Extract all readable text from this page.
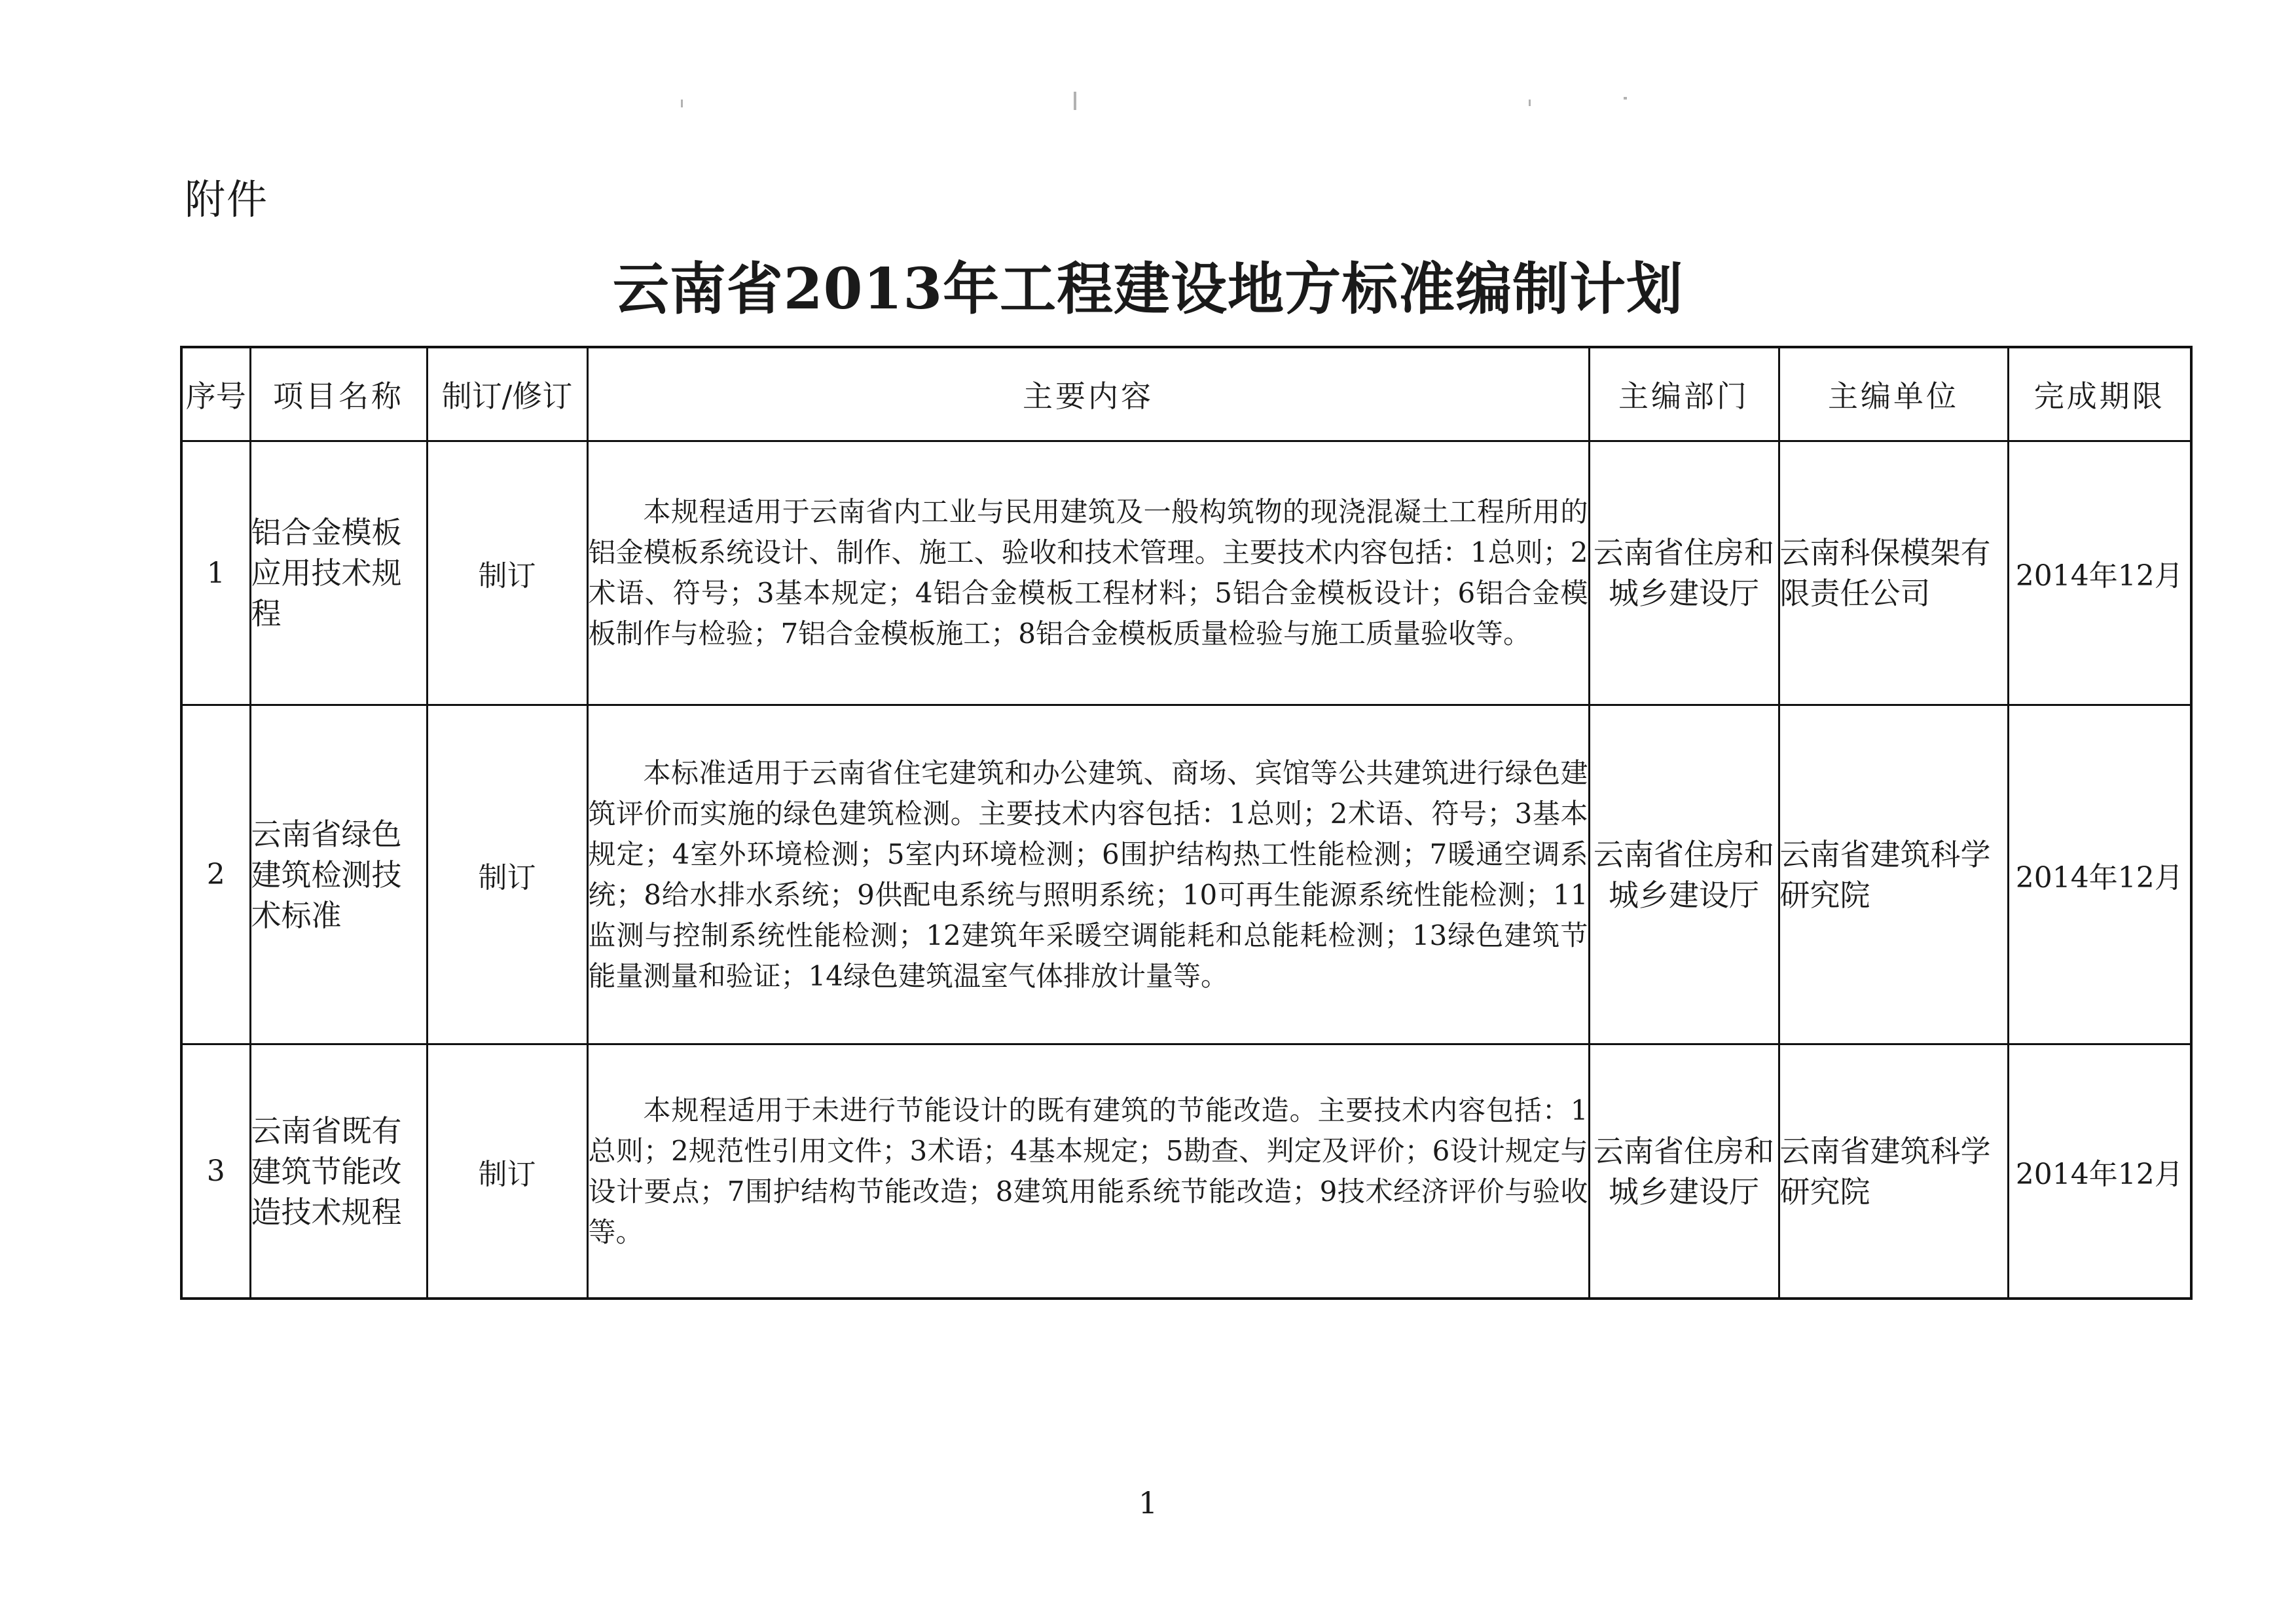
附件
云南省2013年工程建设地方标准编制计划
序号	项目名称	制订/修订	主要内容	主编部门	主编单位	完成期限
1	铝合金模板应用技术规程	制订	本规程适用于云南省内工业与民用建筑及一般构筑物的现浇混凝土工程所用的铝金模板系统设计、制作、施工、验收和技术管理。主要技术内容包括：1总则；2术语、符号；3基本规定；4铝合金模板工程材料；5铝合金模板设计；6铝合金模板制作与检验；7铝合金模板施工；8铝合金模板质量检验与施工质量验收等。	云南省住房和城乡建设厅	云南科保模架有限责任公司	2014年12月
2	云南省绿色建筑检测技术标准	制订	本标准适用于云南省住宅建筑和办公建筑、商场、宾馆等公共建筑进行绿色建筑评价而实施的绿色建筑检测。主要技术内容包括：1总则；2术语、符号；3基本规定；4室外环境检测；5室内环境检测；6围护结构热工性能检测；7暖通空调系统；8给水排水系统；9供配电系统与照明系统；10可再生能源系统性能检测；11监测与控制系统性能检测；12建筑年采暖空调能耗和总能耗检测；13绿色建筑节能量测量和验证；14绿色建筑温室气体排放计量等。	云南省住房和城乡建设厅	云南省建筑科学研究院	2014年12月
3	云南省既有建筑节能改造技术规程	制订	本规程适用于未进行节能设计的既有建筑的节能改造。主要技术内容包括：1总则；2规范性引用文件；3术语；4基本规定；5勘查、判定及评价；6设计规定与设计要点；7围护结构节能改造；8建筑用能系统节能改造；9技术经济评价与验收等。	云南省住房和城乡建设厅	云南省建筑科学研究院	2014年12月
1
